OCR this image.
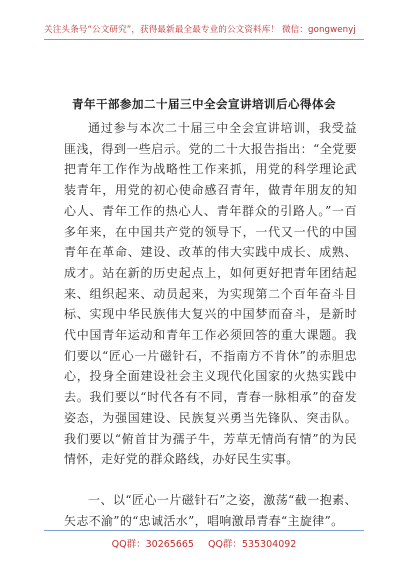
关注头条号“公文研究”，获得最新最全最专业的公文资料库！ 微信：gongwenyj
青年干部参加二十届三中全会宣讲培训后心得体会

通过参与本次二十届三中全会宣讲培训，我受益匪浅，得到一些启示。党的二十大报告指出：“全党要把青年工作作为战略性工作来抓，用党的科学理论武装青年，用党的初心使命感召青年，做青年朋友的知心人、青年工作的热心人、青年群众的引路人。”一百多年来，在中国共产党的领导下，一代又一代的中国青年在革命、建设、改革的伟大实践中成长、成熟、成才。站在新的历史起点上，如何更好把青年团结起来、组织起来、动员起来，为实现第二个百年奋斗目标、实现中华民族伟大复兴的中国梦而奋斗，是新时代中国青年运动和青年工作必须回答的重大课题。我们要以“匠心一片磁针石，不指南方不肯休”的赤胆忠心，投身全面建设社会主义现代化国家的火热实践中去。我们要以“时代各有不同，青春一脉相承”的奋发姿态，为强国建设、民族复兴勇当先锋队、突击队。我们要以“俯首甘为孺子牛，芳草无情尚有情”的为民情怀，走好党的群众路线，办好民生实事。

一、以“匠心一片磁针石”之姿，激荡“截一抱素、矢志不渝”的“忠诚活水”，唱响激昂青春“主旋律”。

QQ群：30265665 QQ群：535304092
